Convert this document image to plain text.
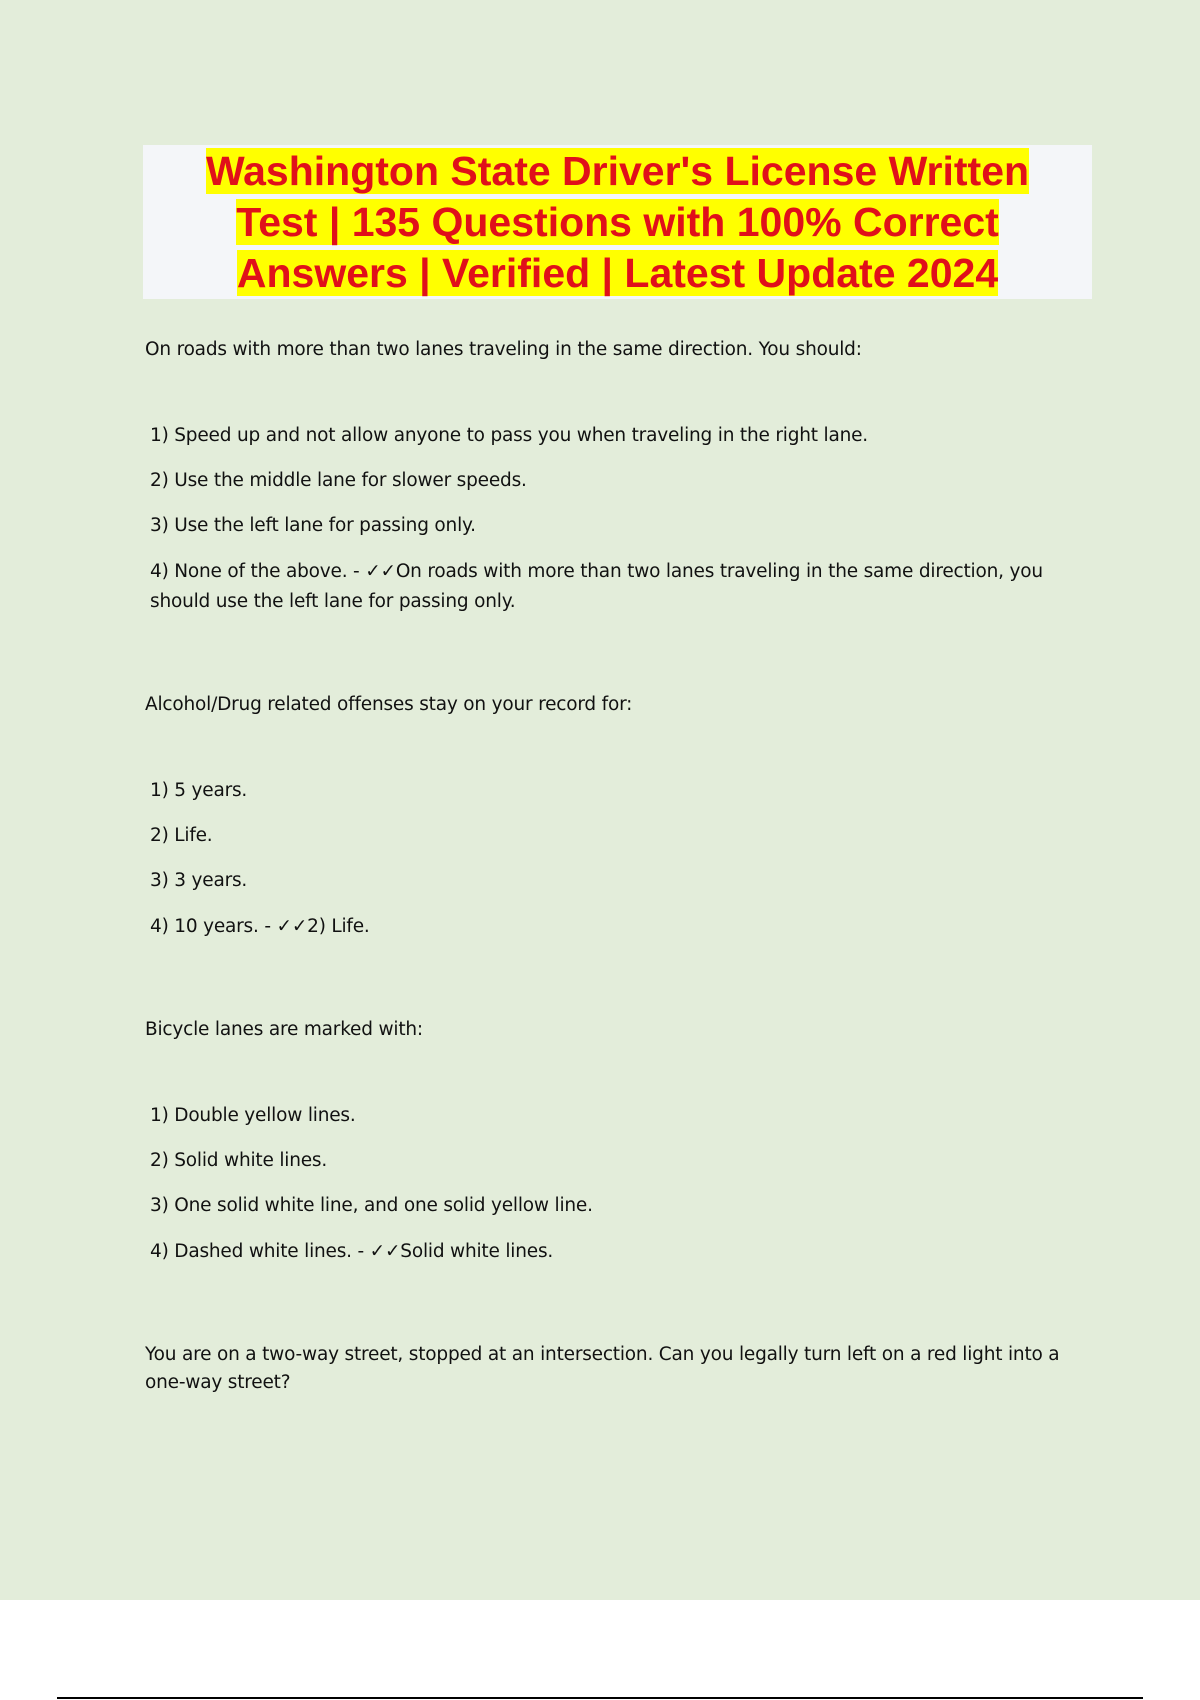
Washington State Driver's License Written
Test | 135 Questions with 100% Correct
Answers | Verified | Latest Update 2024

On roads with more than two lanes traveling in the same direction. You should:

1) Speed up and not allow anyone to pass you when traveling in the right lane.

2) Use the middle lane for slower speeds.

3) Use the left lane for passing only.

4) None of the above. - ✓✓On roads with more than two lanes traveling in the same direction, you should use the left lane for passing only.

Alcohol/Drug related offenses stay on your record for:

1) 5 years.

2) Life.

3) 3 years.

4) 10 years. - ✓✓2) Life.

Bicycle lanes are marked with:

1) Double yellow lines.

2) Solid white lines.

3) One solid white line, and one solid yellow line.

4) Dashed white lines. - ✓✓Solid white lines.

You are on a two-way street, stopped at an intersection. Can you legally turn left on a red light into a one-way street?
